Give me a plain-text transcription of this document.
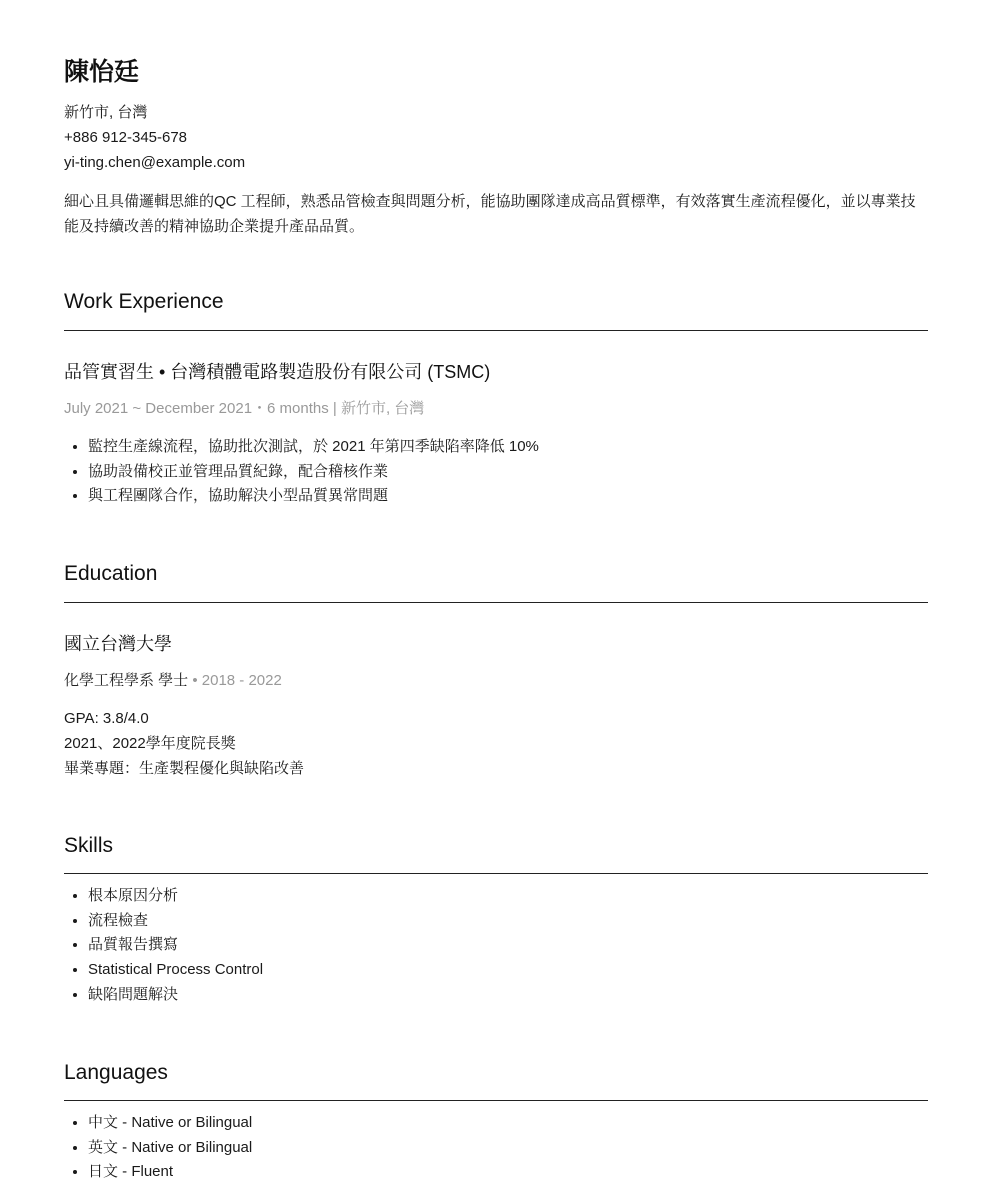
陳怡廷
新竹市, 台灣
+886 912-345-678
yi-ting.chen@example.com

細心且具備邏輯思維的QC 工程師，熟悉品管檢查與問題分析，能協助團隊達成高品質標準，有效落實生產流程優化，並以專業技能及持續改善的精神協助企業提升產品品質。

Work Experience
品管實習生 • 台灣積體電路製造股份有限公司 (TSMC)
July 2021 ~ December 2021・6 months | 新竹市, 台灣
• 監控生產線流程，協助批次測試，於 2021 年第四季缺陷率降低 10%
• 協助設備校正並管理品質紀錄，配合稽核作業
• 與工程團隊合作，協助解決小型品質異常問題
Education
國立台灣大學
化學工程學系 學士 • 2018 - 2022
GPA: 3.8/4.0
2021、2022學年度院長獎
畢業專題：生產製程優化與缺陷改善
Skills
• 根本原因分析
• 流程檢查
• 品質報告撰寫
• Statistical Process Control
• 缺陷問題解決
Languages
• 中文 - Native or Bilingual
• 英文 - Native or Bilingual
• 日文 - Fluent
